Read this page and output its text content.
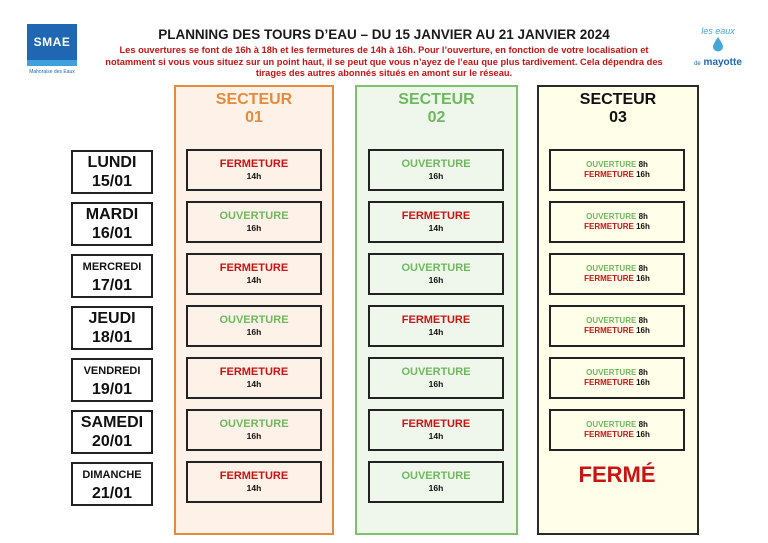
SMAE
Mahoraise des Eaux
les eaux
de mayotte
PLANNING DES TOURS D’EAU – DU 15 JANVIER AU 21 JANVIER 2024
Les ouvertures se font de 16h à 18h et les fermetures de 14h à 16h. Pour l’ouverture, en fonction de votre localisation et
notamment si vous vous situez sur un point haut, il se peut que vous n’ayez de l’eau que plus tardivement. Cela dépendra des
tirages des autres abonnés situés en amont sur le réseau.
SECTEUR
01
SECTEUR
02
SECTEUR
03
LUNDI
15/01
MARDI
16/01
MERCREDI
17/01
JEUDI
18/01
VENDREDI
19/01
SAMEDI
20/01
DIMANCHE
21/01
FERMETURE
14h
OUVERTURE
16h
FERMETURE
14h
OUVERTURE
16h
FERMETURE
14h
OUVERTURE
16h
FERMETURE
14h
OUVERTURE
16h
FERMETURE
14h
OUVERTURE
16h
FERMETURE
14h
OUVERTURE
16h
FERMETURE
14h
OUVERTURE
16h
OUVERTURE 8h
FERMETURE 16h
OUVERTURE 8h
FERMETURE 16h
OUVERTURE 8h
FERMETURE 16h
OUVERTURE 8h
FERMETURE 16h
OUVERTURE 8h
FERMETURE 16h
OUVERTURE 8h
FERMETURE 16h
FERMÉ
